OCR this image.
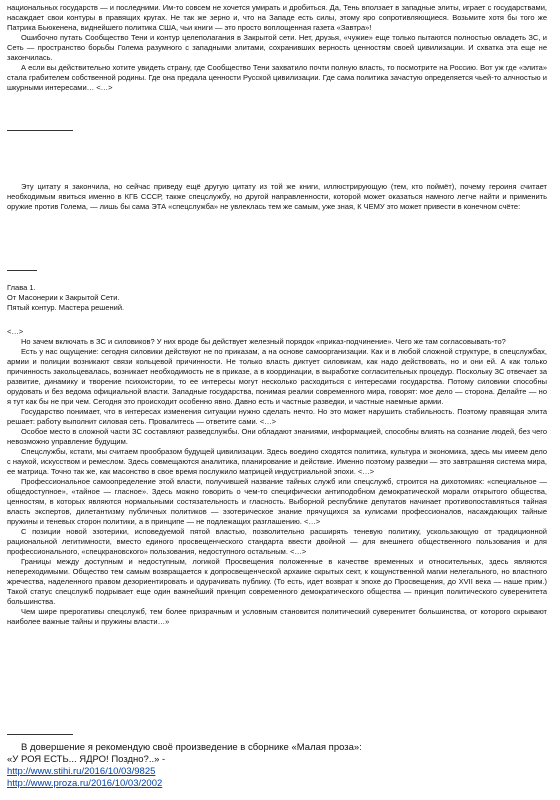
национальных государств — и последними. Им-то совсем не хочется умирать и дробиться. Да, Тень вползает в западные элиты, играет с государствами, насаждает свои контуры в правящих кругах. Не так же зерно и, что на Западе есть силы, этому яро сопротивляющиеся. Возьмите хотя бы того же Патрика Бьюкенена, виднейшего политика США, чьи книги — это просто воплощенная газета «Завтра»!

Ошибочно путать Сообщество Тени и контур целеполагания в Закрытой сети. Нет, друзья, «чужие» еще только пытаются полностью овладеть ЗС, и Сеть — пространство борьбы Голема разумного с западными элитами, сохранивших верность ценностям своей цивилизации. И схватка эта еще не закончилась.

А если вы действительно хотите увидеть страну, где Сообщество Тени захватило почти полную власть, то посмотрите на Россию. Вот уж где «элита» стала грабителем собственной родины. Где она предала ценности Русской цивилизации. Где сама политика зачастую определяется чьей-то алчностью и шкурными интересами… <…>

Эту цитату я закончила, но сейчас приведу ещё другую цитату из той же книги, иллюстрирующую (тем, кто поймёт), почему героиня считает необходимым явиться именно в КГБ СССР, также спецслужбу, но другой направленности, которой может оказаться намного легче найти и применить оружие против Голема, — лишь бы сама ЭТА «спецслужба» не увлеклась тем же самым, уже зная, К ЧЕМУ это может привести в конечном счёте:

Глава 1.
От Масонерии к Закрытой Сети.
Пятый контур. Мастера решений.
<…>

Но зачем включать в ЗС и силовиков? У них вроде бы действует железный порядок «приказ-подчинение». Чего же там согласовывать-то?

Есть у нас ощущение: сегодня силовики действуют не по приказам, а на основе самоорганизации. Как и в любой сложной структуре, в спецслужбах, армии и полиции возникают связи кольцевой причинности. Не только власть диктует силовикам, как надо действовать, но и они ей. А как только причинность закольцевалась, возникает необходимость не в приказе, а в координации, в выработке согласительных процедур. Поскольку ЗС отвечает за развитие, динамику и творение психоистории, то ее интересы могут несколько расходиться с интересами государства. Потому силовики способны орудовать и без ведома официальной власти. Западные государства, понимая реалии современного мира, говорят: мое дело — сторона. Делайте — но я тут как бы не при чем. Сегодня это происходит особенно явно. Давно есть и частные разведки, и частные наемные армии.

Государство понимает, что в интересах изменения ситуации нужно сделать нечто. Но это может нарушить стабильность. Поэтому правящая элита решает: работу выполнит силовая сеть. Провалитесь — ответите сами. <…>

Особое место в сложной части ЗС составляют разведслужбы. Они обладают знаниями, информацией, способны влиять на сознание людей, без чего невозможно управление будущим.

Спецслужбы, кстати, мы считаем прообразом будущей цивилизации. Здесь воедино сходятся политика, культура и экономика, здесь мы имеем дело с наукой, искусством и ремеслом. Здесь совмещаются аналитика, планирование и действие. Именно поэтому разведки — это завтрашняя система мира, ее матрица. Точно так же, как масонство в свое время послужило матрицей индустриальной эпохи. <…>

Профессиональное самоопределение этой власти, получившей название тайных служб или спецслужб, строится на дихотомиях: «специальное — общедоступное», «тайное — гласное». Здесь можно говорить о чем-то специфически антиподобном демократической морали открытого общества, ценностям, в которых являются нормальными состязательность и гласность. Выборной республике депутатов начинает противопоставляться тайная власть экспертов, дилетантизму публичных политиков — эзотерическое знание прячущихся за кулисами профессионалов, насаждающих тайные пружины и теневых сторон политики, а в принципе — не подлежащих разглашению. <…>

С позиции новой эзотерики, исповедуемой пятой властью, позволительно расширять теневую политику, ускользающую от традиционной рациональной легитимности, вместо единого просвещенческого стандарта ввести двойной — для внешнего общественного пользования и для профессионального, «спецкрановского» пользования, недоступного остальным. <…>

Границы между доступным и недоступным, логикой Просвещения положенные в качестве временных и относительных, здесь являются непереходимыми. Общество тем самым возвращается к допросвещенческой архаике скрытых сект, к кощунственной магии нелегального, но властного жречества, наделенного правом дезориентировать и одурачивать публику. (То есть, идет возврат к эпохе до Просвещения, до XVII века — наше прим.) Такой статус спецслужб подрывает еще один важнейший принцип современного демократического общества — принцип политического суверенитета большинства.

Чем шире прерогативы спецслужб, тем более призрачным и условным становится политический суверенитет большинства, от которого скрывают наиболее важные тайны и пружины власти…»

В довершение я рекомендую своё произведение в сборнике «Малая проза»:
«У РОЯ ЕСТЬ... ЯДРО! Поздно?..» -
http://www.stihi.ru/2016/10/03/9825
http://www.proza.ru/2016/10/03/2002
